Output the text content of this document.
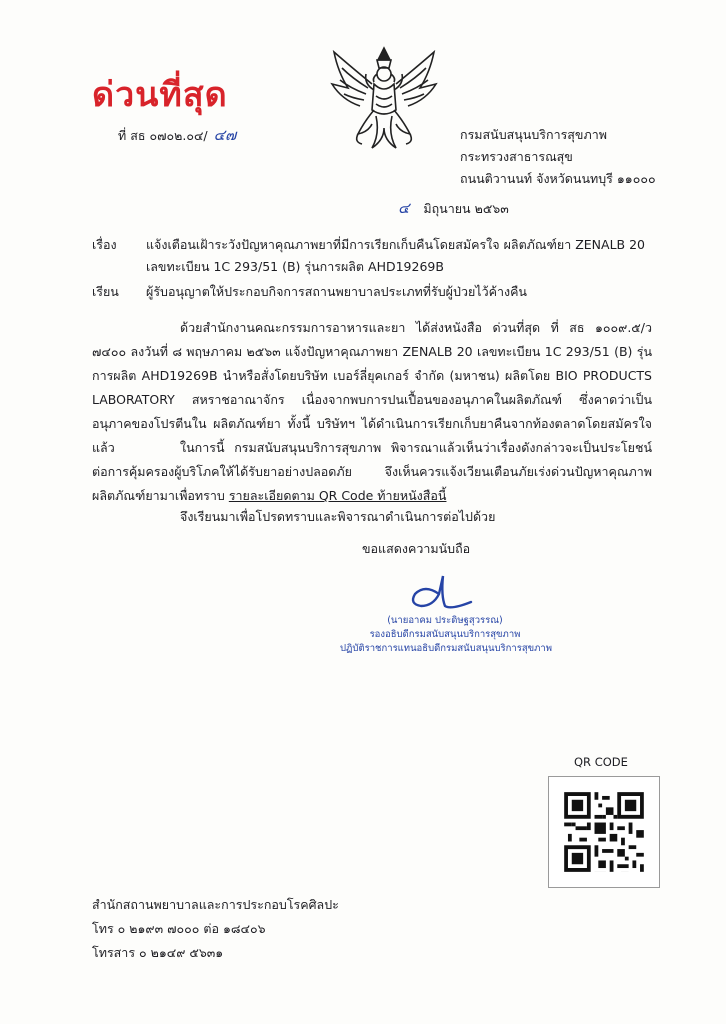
ด่วนที่สุด
ที่ สธ ๐๗๐๒.๐๔/ ๔๗	กรมสนับสนุนบริการสุขภาพ
กระทรวงสาธารณสุข
ถนนติวานนท์ จังหวัดนนทบุรี ๑๑๐๐๐
๔ มิถุนายน ๒๕๖๓
เรื่อง แจ้งเตือนเฝ้าระวังปัญหาคุณภาพยาที่มีการเรียกเก็บคืนโดยสมัครใจ ผลิตภัณฑ์ยา ZENALB 20
เลขทะเบียน 1C 293/51 (B) รุ่นการผลิต AHD19269B
เรียน ผู้รับอนุญาตให้ประกอบกิจการสถานพยาบาลประเภทที่รับผู้ป่วยไว้ค้างคืน
ด้วยสำนักงานคณะกรรมการอาหารและยา ได้ส่งหนังสือ ด่วนที่สุด ที่ สธ ๑๐๐๙.๕/ว ๗๔๐๐ ลงวันที่ ๘ พฤษภาคม ๒๕๖๓ แจ้งปัญหาคุณภาพยา ZENALB 20 เลขทะเบียน 1C 293/51 (B) รุ่นการผลิต AHD19269B นำหรือสั่งโดยบริษัท เบอร์ลี่ยุคเกอร์ จำกัด (มหาชน) ผลิตโดย BIO PRODUCTS LABORATORY สหราชอาณาจักร เนื่องจากพบการปนเปื้อนของอนุภาคในผลิตภัณฑ์ ซึ่งคาดว่าเป็นอนุภาคของโปรตีนใน ผลิตภัณฑ์ยา ทั้งนี้ บริษัทฯ ได้ดำเนินการเรียกเก็บยาคืนจากท้องตลาดโดยสมัครใจแล้ว	ในการนี้ กรมสนับสนุนบริการสุขภาพ พิจารณาแล้วเห็นว่าเรื่องดังกล่าวจะเป็นประโยชน์ ต่อการคุ้มครองผู้บริโภคให้ได้รับยาอย่างปลอดภัย จึงเห็นควรแจ้งเวียนเตือนภัยเร่งด่วนปัญหาคุณภาพ ผลิตภัณฑ์ยามาเพื่อทราบ รายละเอียดตาม QR Code ท้ายหนังสือนี้
จึงเรียนมาเพื่อโปรดทราบและพิจารณาดำเนินการต่อไปด้วย
ขอแสดงความนับถือ
(นายอาคม ประดิษฐสุวรรณ)
รองอธิบดีกรมสนับสนุนบริการสุขภาพ
ปฏิบัติราชการแทนอธิบดีกรมสนับสนุนบริการสุขภาพ
QR CODE
สำนักสถานพยาบาลและการประกอบโรคศิลปะ
โทร ๐ ๒๑๙๓ ๗๐๐๐ ต่อ ๑๘๔๐๖
โทรสาร ๐ ๒๑๔๙ ๕๖๓๑
